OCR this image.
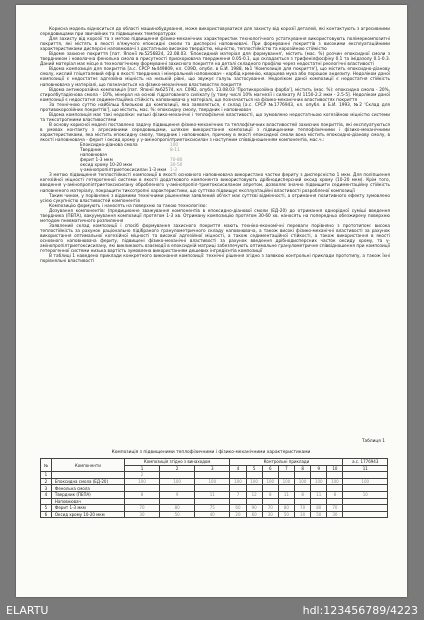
Корисна модель відноситься до області машинобудування, може використовуватися для захисту від корозії деталей, які контактують з агресивними середовищами при звичайних та підвищених температурах

Для захисту від корозії та з метою підвищення фізико-механічних характеристик технологічного устаткування використовують полімеркомпозитні покриття, які містять в якості в'яжучого епоксидні смоли та дисперсні наповнювачі. При формуванні покриттів з високими експлуатаційними характеристиками дисперсні наповнювачі з достатньою високою твердістю, міцністю, теплостійкістю та корозійною стійкістю

Відоме захисне покриття [пат. Японії №5256824, 22.08.03. 'Епоксидний матеріал для формування', містить (мас. %) розчин епоксидної смоли з твердником і новолачна фенольна смола в присутності прискорювача твердження 0.05-0.1, що складається з трифенілфосфіну 0.1 та імідазолу 0.1-0.3. Даний матеріал має місце в технологічному формуванні захисного покриття на деталі складного профілю через недостатні реологічні властивості

Відома композиція для покриттів [а.с. СРСР №449809, кл. С09D, опубл. в Б.И. 1988, №1 'Композиція для покриття'], що містить епоксидно-діанову смолу, кислий гліцеталевий ефір в якості твердника і мінеральний наповнювач - карбід кремнію, кварцева мука або порошок андезиту. Недоліком даної композиції є недостатнє адгезійна міцність на низькій рівні, що звужує галузь застосування. Недоліком даної композиції є недостатня стійкість наповнювача у матеріалі, що позначається на фізико-механічних властивостях покриття

Відома антикорозійна композиція [пат. Японії №62574, кл. С09D, опубл. 13.08.03 'Протикорозійна фарба'], містить (мас. %): епоксидна смола - 20%, стиролбутадієнова смола - 10%, мінерал на основі гідратованого силікату [у тому числі 10% магнезії і силікату Al 1150-2.2 мкм - 2.5-5]. Недоліком даної композиції є недостатня седиментаційна стійкість наповнювача у матеріалі, що позначається на фізико-механічних властивостях покриття

За технічною суттю найбільш близькою до композиції, яка заявляється, є склад [а.с. СРСР №1776943, кл. опубл. в Б.И. 1993, №2 'Склад для противокорозійних покриттів'], що містить, мас. %: епоксидну смолу, твердник і наповнювач

Відома композиція має такі недоліки: низькі фізико-механічні і теплофізичні властивості, що зумовлено недостатньою когезійною міцністю системи та тиксотропними властивостями

В основу корисної моделі поставлено задачу підвищення фізико-механічних та теплофізичних властивостей захисних покриттів, які експлуатуються в умовах контакту з агресивними середовищами, шляхом використання композиції з підвищеними теплофізичними і фізико-механічними характеристиками, яка містить епоксидну смолу, твердник і наповнювач, причому в якості епоксидної смоли вона містить епоксидно-діанову смолу, в якості наповнювача - ферит і оксид хрому у γ-амінопропілтриетоксисилан з наступним співвідношенням компонентів, мас.ч.:

Епоксидно-діанова смола	100
Твердник	8-11
наповнювач
ферит 1-3 мкм	70-80
оксид хрому 10-20 мкм	30-50
γ-амінопропілтриетоксисилан 1-3 мкм 1-3

З метою підвищення теплостійкості композиції в якості основного наповнювача використано частки фериту з дисперсністю 1 мкм. Для поліпшення когезійної міцності гетерогенної системи в якості додаткового компонента використовують дрібнодисперсний оксид хрому (10-20 мкм). Крім того, введення γ-амінопропілтриетоксисилану обробленого γ-амінопропіл-триетоксисиланом апретом, дозволяє значно підвищити седиментаційну стійкість наповненого матеріалу, покращити тиксотропні характеристики, що суттєво підвищує експлуатаційні властивості розробленої композиції

Таким чином, у порівнянні з відомими технічними рішеннями заявлений об'єкт має суттєві відмінності, а отримання позитивного ефекту зумовлено усією сукупністю властивостей компонентів

Композицію формують і наносять на поверхню за такою технологією:

Дозування компонентів: (предиционне зважування компонентів в епоксидно-діанової смоли (ЕД-20) до отримання однорідної суміші введення твердника (ПЕПА), вакуумування композиції протягом 1-3 хв. Отриману композицію протягом 30-60 хв. наносять на попередньо обезжирену поверхню методом пневматичного розпилення

Заявлений склад композиції і спосіб формування захисного покриття мають техніко-економічні переваги порівняно з прототипом: висока теплостійкість за рахунок раціонально підібраного гранулометричного складу наповнювача, а також високі фізико-механічні властивості за рахунок використання оптимальної когезійної міцності та високої адгезійної міцності, а також седиментаційної стійкості, а також використання в якості основного наповнювача фериту, підвищені фізико-механічні властивості за рахунок введення дрібнодисперсних часток оксиду хрому, та γ-амінопропілтриетоксисилану, які викликають взаємодії в епоксидній матриці забезпечують оптимальне гранулометричне співвідношення при композиції гетерогенної системи низька вартість зумовлена використанням дешевих інгредієнтів композиції

В таблиці 1 наведено приклади конкретного виконання композиції: технічні рішення згідно з заявкою контрольні приклади прототипу, а також їхні порівняльні властивості

Таблиця 1
Композиція з підвищеними теплофізичними і фізико-механічними характеристиками
№	Компоненти	Композиція згідно з винаходом			Контрольні приклади							а.с. 1776943
		1	2	3	4	5	6	7	8	9	10	11
1		2										
2	Епоксидна смола (ЕД-20)	100	100	100	100	100	100	100	100	100	100	100
3	Фенольна смола											
4	Твердник (ПЕПА)	8	9	11	7	12	8	11	8	11	8	10
	Наповнювач											
5	Ферит 1-3 мкм	70	80	75	60	90	70	80	70	80	70	
6	Оксид хрому 10-20 мкм	30	50	40	20	60	30	50	30	50	30	
ELARTU	hdl:123456789/4223
